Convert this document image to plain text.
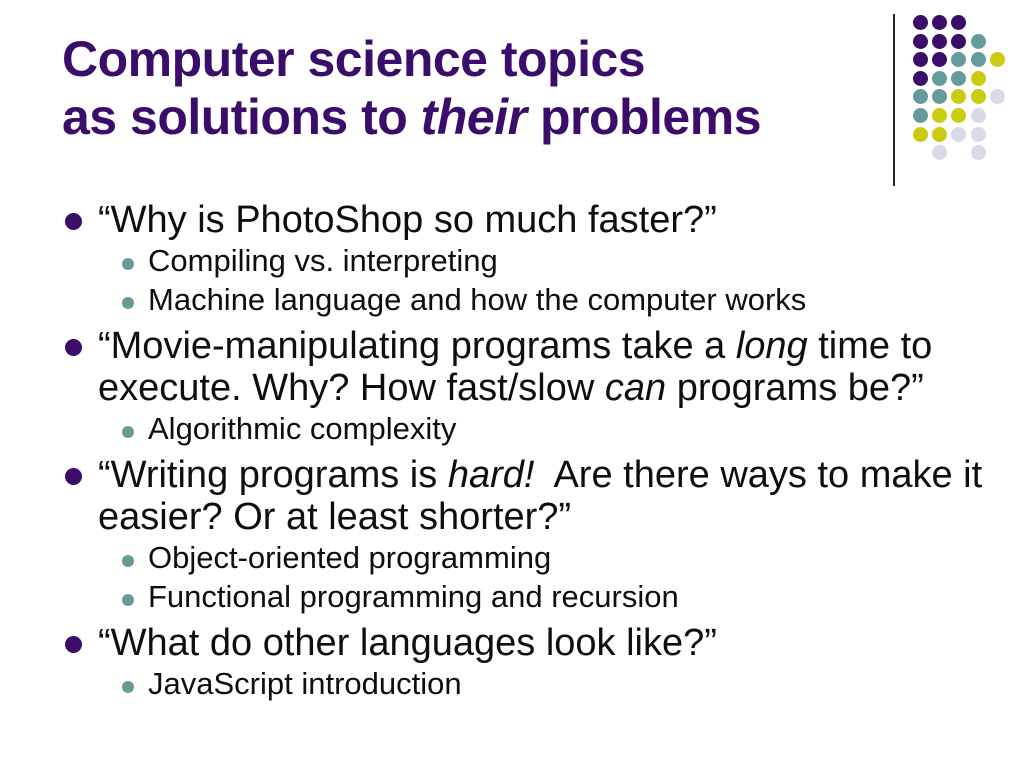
Computer science topics
as solutions to their problems
“Why is PhotoShop so much faster?”
Compiling vs. interpreting
Machine language and how the computer works
“Movie-manipulating programs take a long time to
execute. Why? How fast/slow can programs be?”
Algorithmic complexity
“Writing programs is hard!  Are there ways to make it
easier? Or at least shorter?”
Object-oriented programming
Functional programming and recursion
“What do other languages look like?”
JavaScript introduction
